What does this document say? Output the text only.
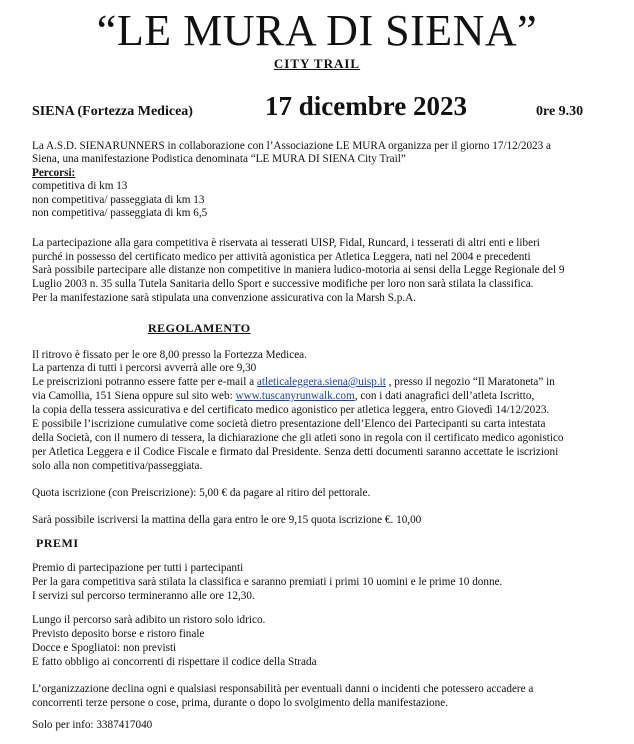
“LE MURA DI SIENA”
CITY TRAIL
SIENA (Fortezza Medicea)	17 dicembre 2023	0re 9.30
La A.S.D. SIENARUNNERS in collaborazione con l’Associazione LE MURA organizza per il giorno 17/12/2023 a
Siena, una manifestazione Podistica denominata “LE MURA DI SIENA City Trail”
Percorsi:
competitiva di km 13
non competitiva/ passeggiata di km 13
non competitiva/ passeggiata di km 6,5
La partecipazione alla gara competitiva è riservata ai tesserati UISP, Fidal, Runcard, i tesserati di altri enti e liberi
purché in possesso del certificato medico per attività agonistica per Atletica Leggera, nati nel 2004 e precedenti
Sarà possibile partecipare alle distanze non competitive in maniera ludico-motoria ai sensi della Legge Regionale del 9
Luglio 2003 n. 35 sulla Tutela Sanitaria dello Sport e successive modifiche per loro non sarà stilata la classifica.
Per la manifestazione sarà stipulata una convenzione assicurativa con la Marsh S.p.A.
REGOLAMENTO
Il ritrovo è fissato per le ore 8,00 presso la Fortezza Medicea.
La partenza di tutti i percorsi avverrà alle ore 9,30
Le preiscrizioni potranno essere fatte per e-mail a atleticaleggera.siena@uisp.it , presso il negozio “Il Maratoneta” in
via Camollia, 151 Siena oppure sul sito web: www.tuscanyrunwalk.com, con i dati anagrafici dell’atleta Iscritto,
la copia della tessera assicurativa e del certificato medico agonistico per atletica leggera, entro Giovedì 14/12/2023.
E possibile l’iscrizione cumulative come società dietro presentazione dell’Elenco dei Partecipanti su carta intestata
della Società, con il numero di tessera, la dichiarazione che gli atleti sono in regola con il certificato medico agonistico
per Atletica Leggera e il Codice Fiscale e firmato dal Presidente. Senza detti documenti saranno accettate le iscrizioni
solo alla non competitiva/passeggiata.
Quota iscrizione (con Preiscrizione): 5,00 € da pagare al ritiro del pettorale.
Sarà possibile iscriversi la mattina della gara entro le ore 9,15 quota iscrizione €. 10,00
PREMI
Premio di partecipazione per tutti i partecipanti
Per la gara competitiva sarà stilata la classifica e saranno premiati i primi 10 uomini e le prime 10 donne.
I servizi sul percorso termineranno alle ore 12,30.
Lungo il percorso sarà adibito un ristoro solo idrico.
Previsto deposito borse e ristoro finale
Docce e Spogliatoi: non previsti
E fatto obbligo ai concorrenti di rispettare il codice della Strada
L’organizzazione declina ogni e qualsiasi responsabilità per eventuali danni o incidenti che potessero accadere a
concorrenti terze persone o cose, prima, durante o dopo lo svolgimento della manifestazione.
Solo per info: 3387417040
